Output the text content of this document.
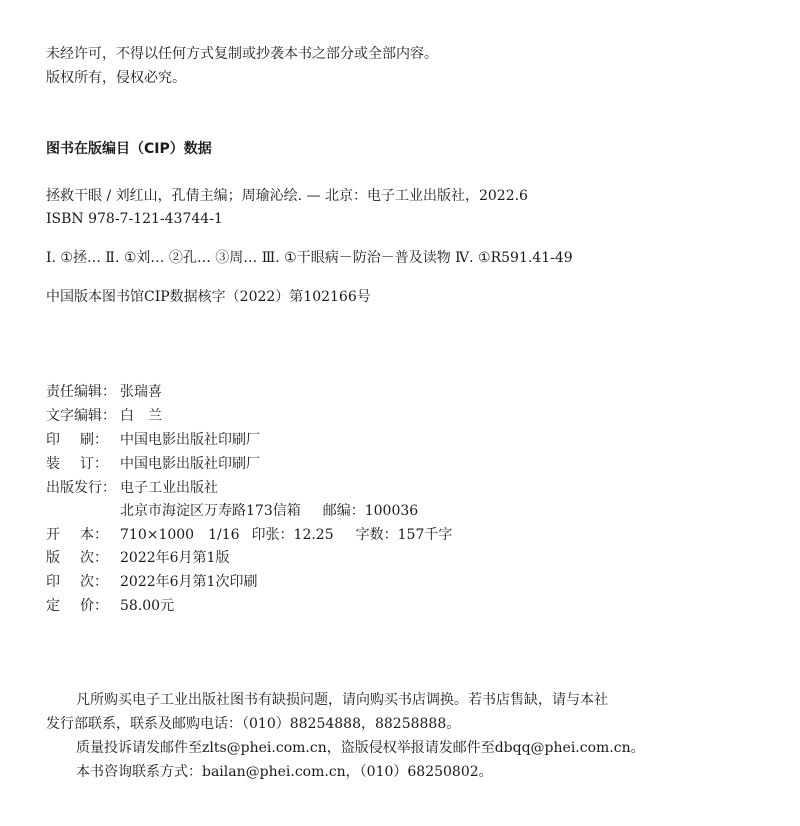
未经许可，不得以任何方式复制或抄袭本书之部分或全部内容。
版权所有，侵权必究。
图书在版编目（CIP）数据
拯救干眼 / 刘红山，孔倩主编；周瑜沁绘. — 北京：电子工业出版社，2022.6
ISBN 978-7-121-43744-1
Ⅰ. ①拯… Ⅱ. ①刘… ②孔… ③周… Ⅲ. ①干眼病－防治－普及读物 Ⅳ. ①R591.41-49
中国版本图书馆CIP数据核字（2022）第102166号
责任编辑： 张瑞喜
文字编辑： 白　兰
印 刷： 中国电影出版社印刷厂
装 订： 中国电影出版社印刷厂
出版发行： 电子工业出版社
北京市海淀区万寿路173信箱 邮编：100036
开 本： 710×1000　1/16 印张：12.25 字数：157千字
版 次： 2022年6月第1版
印 次： 2022年6月第1次印刷
定 价： 58.00元
凡所购买电子工业出版社图书有缺损问题，请向购买书店调换。若书店售缺，请与本社
发行部联系，联系及邮购电话：（010）88254888，88258888。
质量投诉请发邮件至zlts@phei.com.cn，盗版侵权举报请发邮件至dbqq@phei.com.cn。
本书咨询联系方式：bailan@phei.com.cn，（010）68250802。
